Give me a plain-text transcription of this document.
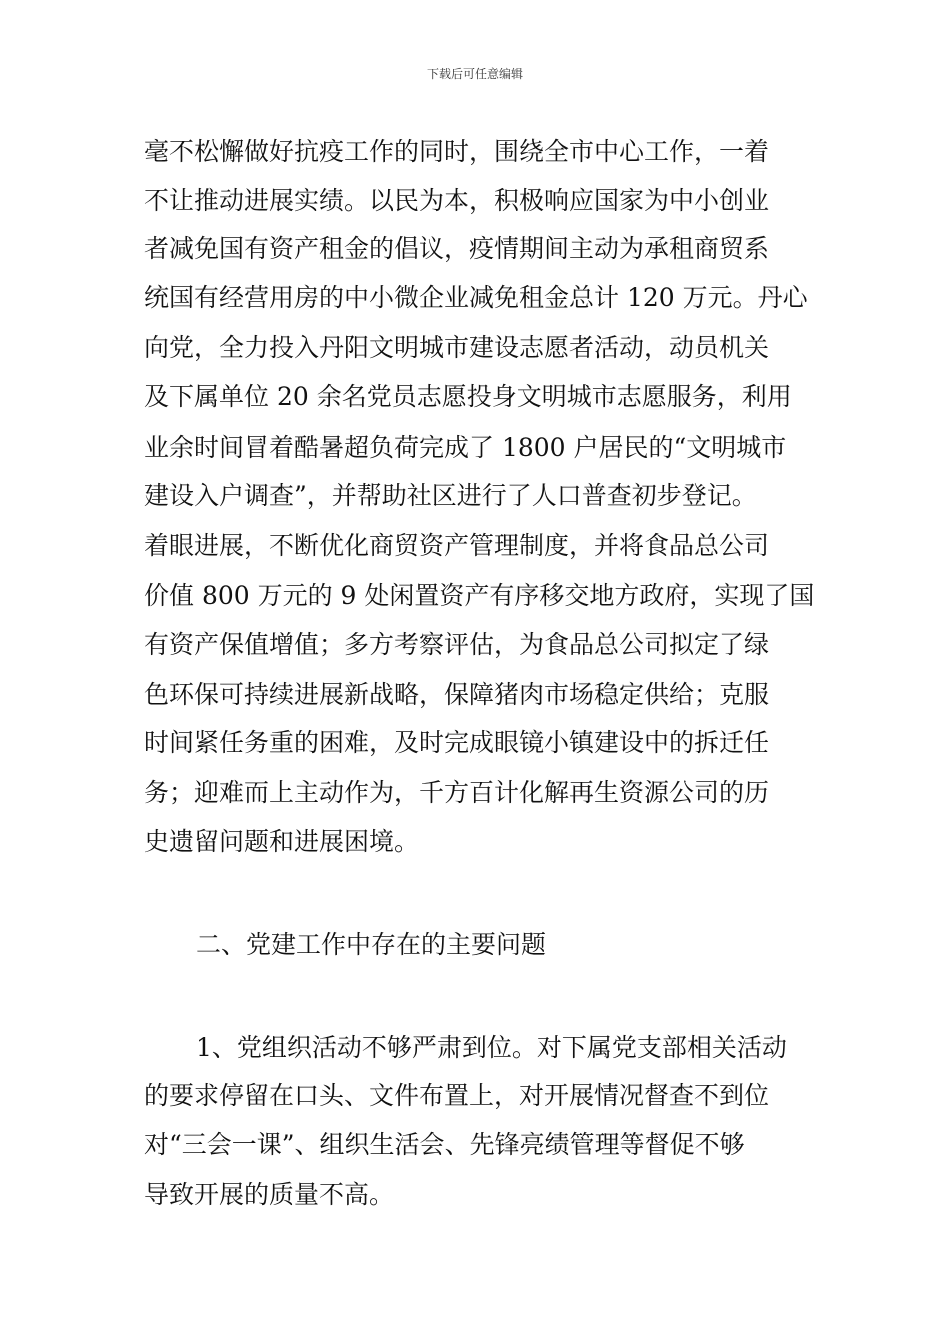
下载后可任意编辑
毫不松懈做好抗疫工作的同时，围绕全市中心工作，一着
不让推动进展实绩。以民为本，积极响应国家为中小创业
者减免国有资产租金的倡议，疫情期间主动为承租商贸系
统国有经营用房的中小微企业减免租金总计 120 万元。丹心
向党，全力投入丹阳文明城市建设志愿者活动，动员机关
及下属单位 20 余名党员志愿投身文明城市志愿服务，利用
业余时间冒着酷暑超负荷完成了 1800 户居民的“文明城市
建设入户调查”，并帮助社区进行了人口普查初步登记。
着眼进展，不断优化商贸资产管理制度，并将食品总公司
价值 800 万元的 9 处闲置资产有序移交地方政府，实现了国
有资产保值增值；多方考察评估，为食品总公司拟定了绿
色环保可持续进展新战略，保障猪肉市场稳定供给；克服
时间紧任务重的困难，及时完成眼镜小镇建设中的拆迁任
务；迎难而上主动作为，千方百计化解再生资源公司的历
史遗留问题和进展困境。
二、党建工作中存在的主要问题
1、党组织活动不够严肃到位。对下属党支部相关活动
的要求停留在口头、文件布置上，对开展情况督查不到位
对“三会一课”、组织生活会、先锋亮绩管理等督促不够
导致开展的质量不高。
